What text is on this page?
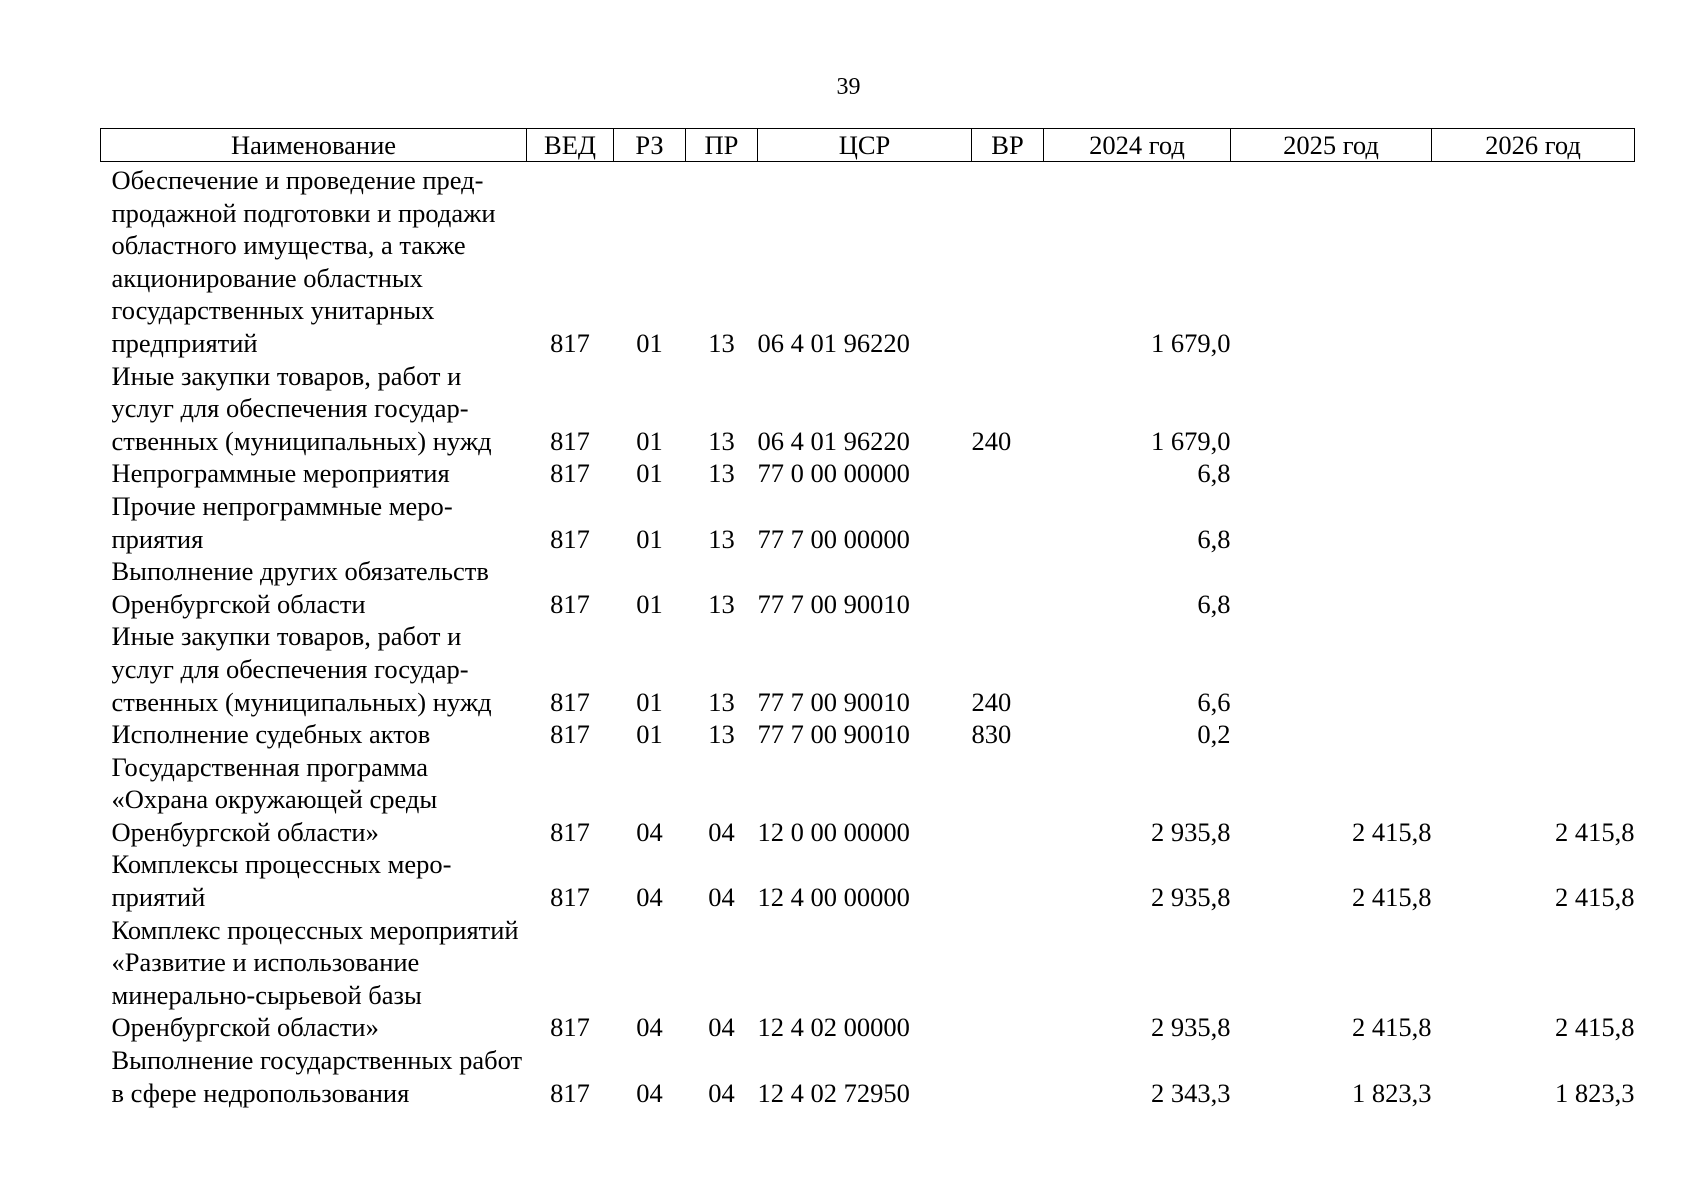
39
Наименование	ВЕД	РЗ	ПР	ЦСР	ВР	2024 год	2025 год	2026 год
Обеспечение и проведение предпродажной подготовки и продажи областного имущества, а также акционирование областных государственных унитарных предприятий	817	01	13	06 4 01 96220		1 679,0		
Иные закупки товаров, работ и услуг для обеспечения государственных (муниципальных) нужд	817	01	13	06 4 01 96220	240	1 679,0		
Непрограммные мероприятия	817	01	13	77 0 00 00000		6,8		
Прочие непрограммные мероприятия	817	01	13	77 7 00 00000		6,8		
Выполнение других обязательств Оренбургской области	817	01	13	77 7 00 90010		6,8		
Иные закупки товаров, работ и услуг для обеспечения государственных (муниципальных) нужд	817	01	13	77 7 00 90010	240	6,6		
Исполнение судебных актов	817	01	13	77 7 00 90010	830	0,2		
Государственная программа «Охрана окружающей среды Оренбургской области»	817	04	04	12 0 00 00000		2 935,8	2 415,8	2 415,8
Комплексы процессных мероприятий	817	04	04	12 4 00 00000		2 935,8	2 415,8	2 415,8
Комплекс процессных мероприятий «Развитие и использование минерально-сырьевой базы Оренбургской области»	817	04	04	12 4 02 00000		2 935,8	2 415,8	2 415,8
Выполнение государственных работ в сфере недропользования	817	04	04	12 4 02 72950		2 343,3	1 823,3	1 823,3
